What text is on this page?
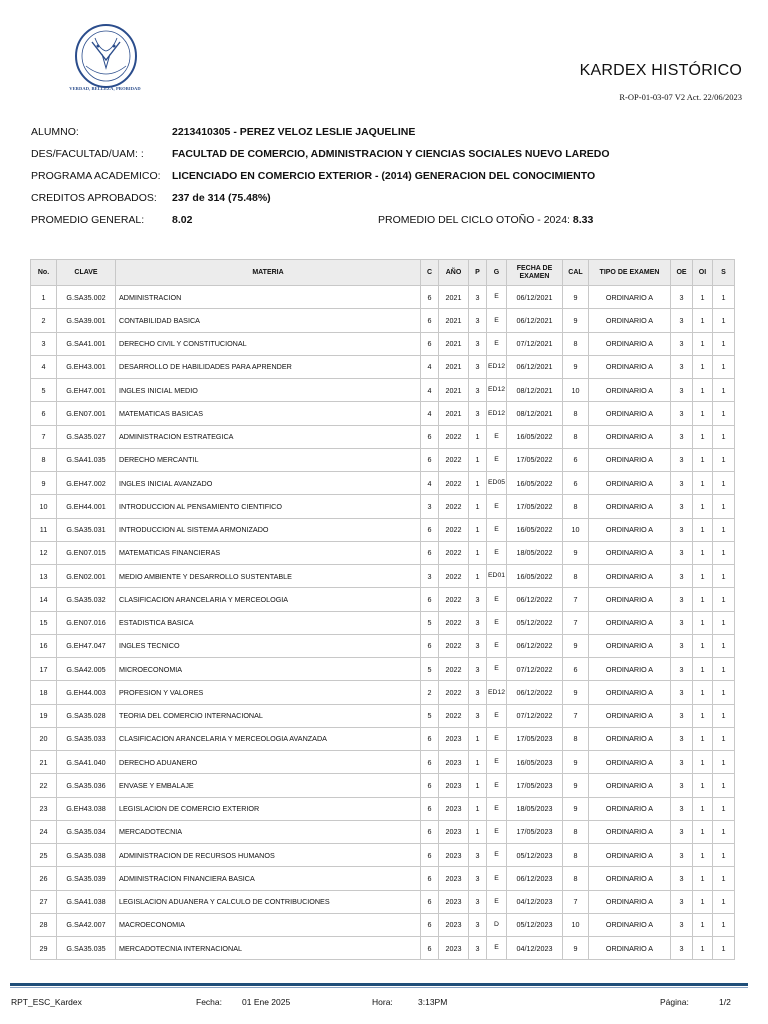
VERDAD, BELLEZA, PROBIDAD
KARDEX HISTÓRICO
R-OP-01-03-07 V2 Act. 22/06/2023
ALUMNO:	2213410305 - PEREZ VELOZ LESLIE JAQUELINE
DES/FACULTAD/UAM: :	FACULTAD DE COMERCIO, ADMINISTRACION Y CIENCIAS SOCIALES NUEVO LAREDO
PROGRAMA ACADEMICO: LICENCIADO EN COMERCIO EXTERIOR - (2014) GENERACION DEL CONOCIMIENTO
CREDITOS APROBADOS: 237 de 314 (75.48%)
PROMEDIO GENERAL:	8.02	PROMEDIO DEL CICLO OTOÑO - 2024: 8.33
No.	CLAVE	MATERIA	C	AÑO	P	G	FECHA DE EXAMEN	CAL	TIPO DE EXAMEN	OE	OI	S
1	G.SA35.002	ADMINISTRACION	6	2021	3	E	06/12/2021	9	ORDINARIO A	3	1	1
2	G.SA39.001	CONTABILIDAD BASICA	6	2021	3	E	06/12/2021	9	ORDINARIO A	3	1	1
3	G.SA41.001	DERECHO CIVIL Y CONSTITUCIONAL	6	2021	3	E	07/12/2021	8	ORDINARIO A	3	1	1
4	G.EH43.001	DESARROLLO DE HABILIDADES PARA APRENDER	4	2021	3	ED12	06/12/2021	9	ORDINARIO A	3	1	1
5	G.EH47.001	INGLES INICIAL MEDIO	4	2021	3	ED12	08/12/2021	10	ORDINARIO A	3	1	1
6	G.EN07.001	MATEMATICAS BASICAS	4	2021	3	ED12	08/12/2021	8	ORDINARIO A	3	1	1
7	G.SA35.027	ADMINISTRACION ESTRATEGICA	6	2022	1	E	16/05/2022	8	ORDINARIO A	3	1	1
8	G.SA41.035	DERECHO MERCANTIL	6	2022	1	E	17/05/2022	6	ORDINARIO A	3	1	1
9	G.EH47.002	INGLES INICIAL AVANZADO	4	2022	1	ED05	16/05/2022	6	ORDINARIO A	3	1	1
10	G.EH44.001	INTRODUCCION AL PENSAMIENTO CIENTIFICO	3	2022	1	E	17/05/2022	8	ORDINARIO A	3	1	1
11	G.SA35.031	INTRODUCCION AL SISTEMA ARMONIZADO	6	2022	1	E	16/05/2022	10	ORDINARIO A	3	1	1
12	G.EN07.015	MATEMATICAS FINANCIERAS	6	2022	1	E	18/05/2022	9	ORDINARIO A	3	1	1
13	G.EN02.001	MEDIO AMBIENTE Y DESARROLLO SUSTENTABLE	3	2022	1	ED01	16/05/2022	8	ORDINARIO A	3	1	1
14	G.SA35.032	CLASIFICACION ARANCELARIA Y MERCEOLOGIA	6	2022	3	E	06/12/2022	7	ORDINARIO A	3	1	1
15	G.EN07.016	ESTADISTICA BASICA	5	2022	3	E	05/12/2022	7	ORDINARIO A	3	1	1
16	G.EH47.047	INGLES TECNICO	6	2022	3	E	06/12/2022	9	ORDINARIO A	3	1	1
17	G.SA42.005	MICROECONOMIA	5	2022	3	E	07/12/2022	6	ORDINARIO A	3	1	1
18	G.EH44.003	PROFESION Y VALORES	2	2022	3	ED12	06/12/2022	9	ORDINARIO A	3	1	1
19	G.SA35.028	TEORIA DEL COMERCIO INTERNACIONAL	5	2022	3	E	07/12/2022	7	ORDINARIO A	3	1	1
20	G.SA35.033	CLASIFICACION ARANCELARIA Y MERCEOLOGIA AVANZADA	6	2023	1	E	17/05/2023	8	ORDINARIO A	3	1	1
21	G.SA41.040	DERECHO ADUANERO	6	2023	1	E	16/05/2023	9	ORDINARIO A	3	1	1
22	G.SA35.036	ENVASE Y EMBALAJE	6	2023	1	E	17/05/2023	9	ORDINARIO A	3	1	1
23	G.EH43.038	LEGISLACION DE COMERCIO EXTERIOR	6	2023	1	E	18/05/2023	9	ORDINARIO A	3	1	1
24	G.SA35.034	MERCADOTECNIA	6	2023	1	E	17/05/2023	8	ORDINARIO A	3	1	1
25	G.SA35.038	ADMINISTRACION DE RECURSOS HUMANOS	6	2023	3	E	05/12/2023	8	ORDINARIO A	3	1	1
26	G.SA35.039	ADMINISTRACION FINANCIERA BASICA	6	2023	3	E	06/12/2023	8	ORDINARIO A	3	1	1
27	G.SA41.038	LEGISLACION ADUANERA Y CALCULO DE CONTRIBUCIONES	6	2023	3	E	04/12/2023	7	ORDINARIO A	3	1	1
28	G.SA42.007	MACROECONOMIA	6	2023	3	D	05/12/2023	10	ORDINARIO A	3	1	1
29	G.SA35.035	MERCADOTECNIA INTERNACIONAL	6	2023	3	E	04/12/2023	9	ORDINARIO A	3	1	1
RPT_ESC_Kardex	Fecha: 01 Ene 2025	Hora:	3:13PM	Página:	1/2
